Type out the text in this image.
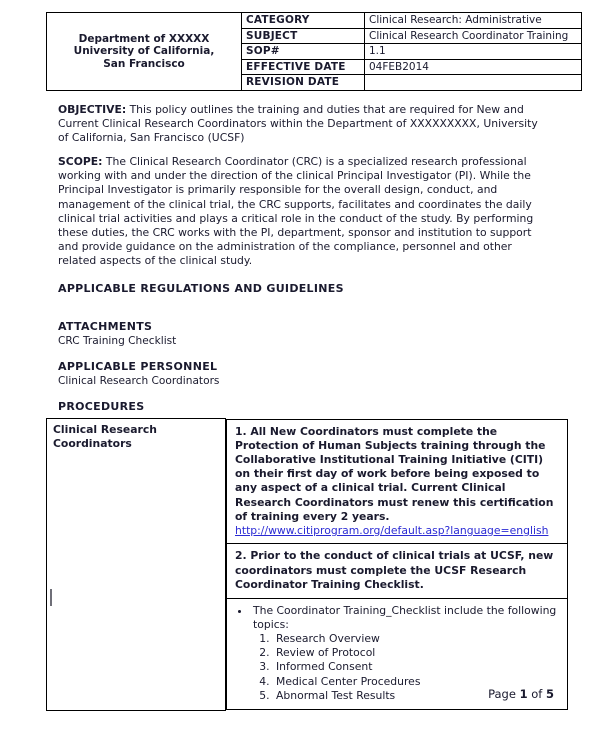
Department of XXXXX
University of California,
San Francisco	CATEGORY	Clinical Research: Administrative
	SUBJECT	Clinical Research Coordinator Training
	SOP#	1.1
	EFFECTIVE DATE	04FEB2014
	REVISION DATE	

OBJECTIVE: This policy outlines the training and duties that are required for New and Current Clinical Research Coordinators within the Department of XXXXXXXXX, University of California, San Francisco (UCSF)

SCOPE: The Clinical Research Coordinator (CRC) is a specialized research professional working with and under the direction of the clinical Principal Investigator (PI). While the Principal Investigator is primarily responsible for the overall design, conduct, and management of the clinical trial, the CRC supports, facilitates and coordinates the daily clinical trial activities and plays a critical role in the conduct of the study. By performing these duties, the CRC works with the PI, department, sponsor and institution to support and provide guidance on the administration of the compliance, personnel and other related aspects of the clinical study.

APPLICABLE REGULATIONS AND GUIDELINES
ATTACHMENTS

CRC Training Checklist

APPLICABLE PERSONNEL

Clinical Research Coordinators

PROCEDURES
Clinical Research Coordinators

1. All New Coordinators must complete the Protection of Human Subjects training through the Collaborative Institutional Training Initiative (CITI) on their first day of work before being exposed to any aspect of a clinical trial. Current Clinical Research Coordinators must renew this certification of training every 2 years.
http://www.citiprogram.org/default.asp?language=english
2. Prior to the conduct of clinical trials at UCSF, new coordinators must complete the UCSF Research Coordinator Training Checklist.
• The Coordinator Training_Checklist include the following topics:
1. Research Overview
2. Review of Protocol
3. Informed Consent
4. Medical Center Procedures
5. Abnormal Test Results	Page 1 of 5
